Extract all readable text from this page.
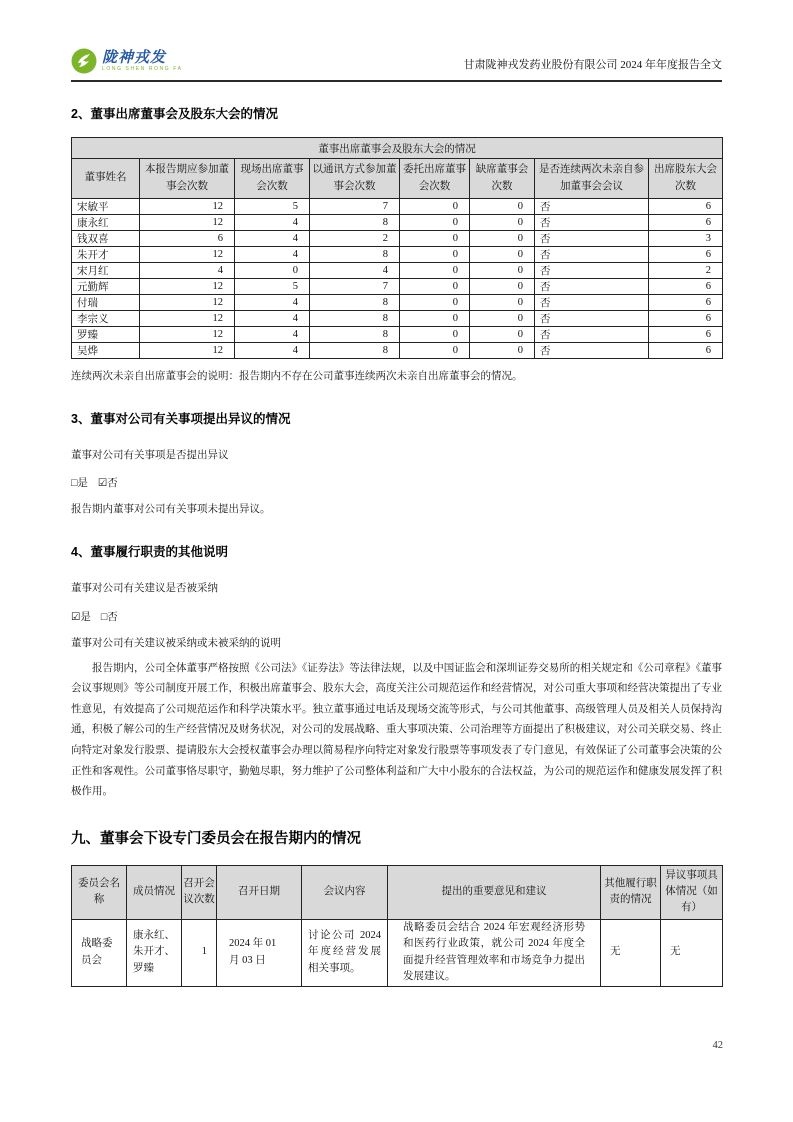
陇神戎发
LONG SHEN RONG FA	甘肃陇神戎发药业股份有限公司 2024 年年度报告全文
2、董事出席董事会及股东大会的情况
董事出席董事会及股东大会的情况							
董事姓名	本报告期应参加董事会次数	现场出席董事会次数	以通讯方式参加董事会次数	委托出席董事会次数	缺席董事会次数	是否连续两次未亲自参加董事会会议	出席股东大会次数
宋敏平	12	5	7	0	0	否	6
康永红	12	4	8	0	0	否	6
钱双喜	6	4	2	0	0	否	3
朱开才	12	4	8	0	0	否	6
宋月红	4	0	4	0	0	否	2
元勤辉	12	5	7	0	0	否	6
付瑞	12	4	8	0	0	否	6
李宗义	12	4	8	0	0	否	6
罗臻	12	4	8	0	0	否	6
吴烨	12	4	8	0	0	否	6

连续两次未亲自出席董事会的说明：报告期内不存在公司董事连续两次未亲自出席董事会的情况。

3、董事对公司有关事项提出异议的情况

董事对公司有关事项是否提出异议

□是 ☑否

报告期内董事对公司有关事项未提出异议。

4、董事履行职责的其他说明

董事对公司有关建议是否被采纳

☑是 □否

董事对公司有关建议被采纳或未被采纳的说明

报告期内，公司全体董事严格按照《公司法》《证券法》等法律法规，以及中国证监会和深圳证券交易所的相关规定和《公司章程》《董事会议事规则》等公司制度开展工作，积极出席董事会、股东大会，高度关注公司规范运作和经营情况，对公司重大事项和经营决策提出了专业性意见，有效提高了公司规范运作和科学决策水平。独立董事通过电话及现场交流等形式，与公司其他董事、高级管理人员及相关人员保持沟通，积极了解公司的生产经营情况及财务状况，对公司的发展战略、重大事项决策、公司治理等方面提出了积极建议，对公司关联交易、终止向特定对象发行股票、提请股东大会授权董事会办理以简易程序向特定对象发行股票等事项发表了专门意见，有效保证了公司董事会决策的公正性和客观性。公司董事恪尽职守，勤勉尽职，努力维护了公司整体利益和广大中小股东的合法权益，为公司的规范运作和健康发展发挥了积极作用。

九、董事会下设专门委员会在报告期内的情况
委员会名称	成员情况	召开会议次数	召开日期	会议内容	提出的重要意见和建议	其他履行职责的情况	异议事项具体情况（如有）
战略委员会	康永红、朱开才、罗臻	1	2024 年 01 月 03 日	讨论公司 2024 年度经营发展相关事项。	战略委员会结合 2024 年宏观经济形势和医药行业政策，就公司 2024 年度全面提升经营管理效率和市场竞争力提出发展建议。	无	无
42
